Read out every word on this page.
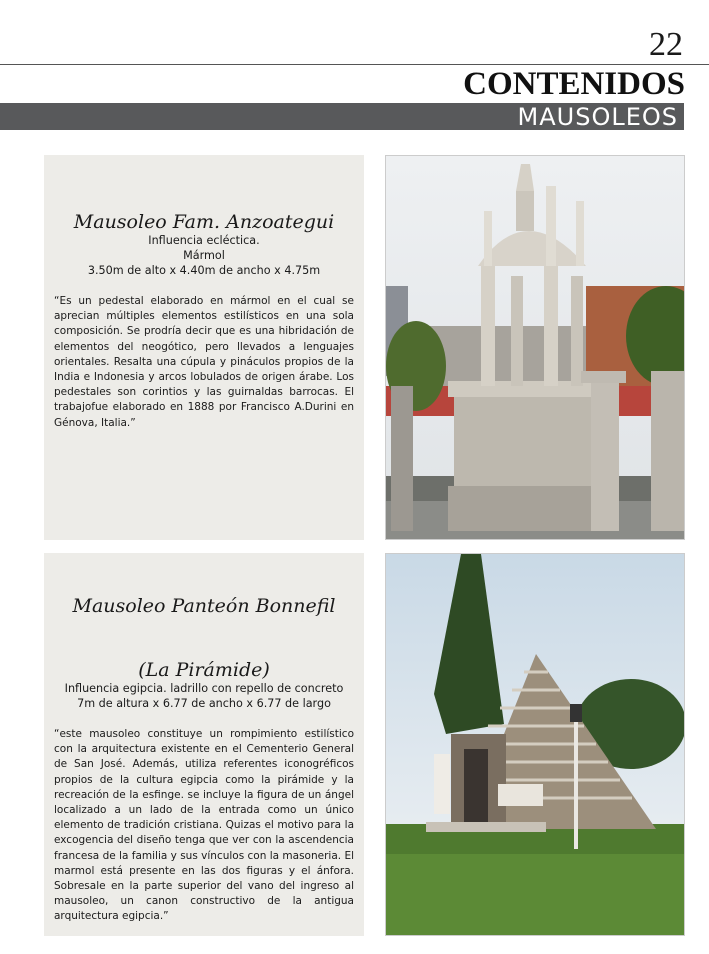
22
CONTENIDOS
MAUSOLEOS
Mausoleo Fam. Anzoategui
Influencia ecléctica.
Mármol
3.50m de alto x 4.40m de ancho x 4.75m
“Es un pedestal elaborado en mármol en el cual se aprecian múltiples elementos estilísticos en una sola composición. Se prodría decir que es una hibridación de elementos del neogótico, pero llevados a lenguajes orientales. Resalta una cúpula y pináculos propios de la India e Indonesia y arcos lobulados de origen árabe. Los pedestales son corintios y las guirnaldas barrocas. El trabajofue elaborado en 1888 por Francisco A.Durini en Génova, Italia.”
Mausoleo Panteón Bonnefil
(La Pirámide)
Influencia egipcia. ladrillo con repello de concreto
7m de altura x 6.77 de ancho x 6.77 de largo
“este mausoleo constituye un rompimiento estilístico con la arquitectura existente en el Cementerio General de San José. Además, utiliza referentes iconogréficos propios de la cultura egipcia como la pirámide y la recreación de la esfinge. se incluye la figura de un ángel localizado a un lado de la entrada como un único elemento de tradición cristiana. Quizas el motivo para la excogencia del diseño tenga que ver con la ascendencia francesa de la familia y sus vínculos con la masoneria. El marmol está presente en las dos figuras y el ánfora. Sobresale en la parte superior del vano del ingreso al mausoleo, un canon constructivo de la antigua arquitectura egipcia.”
